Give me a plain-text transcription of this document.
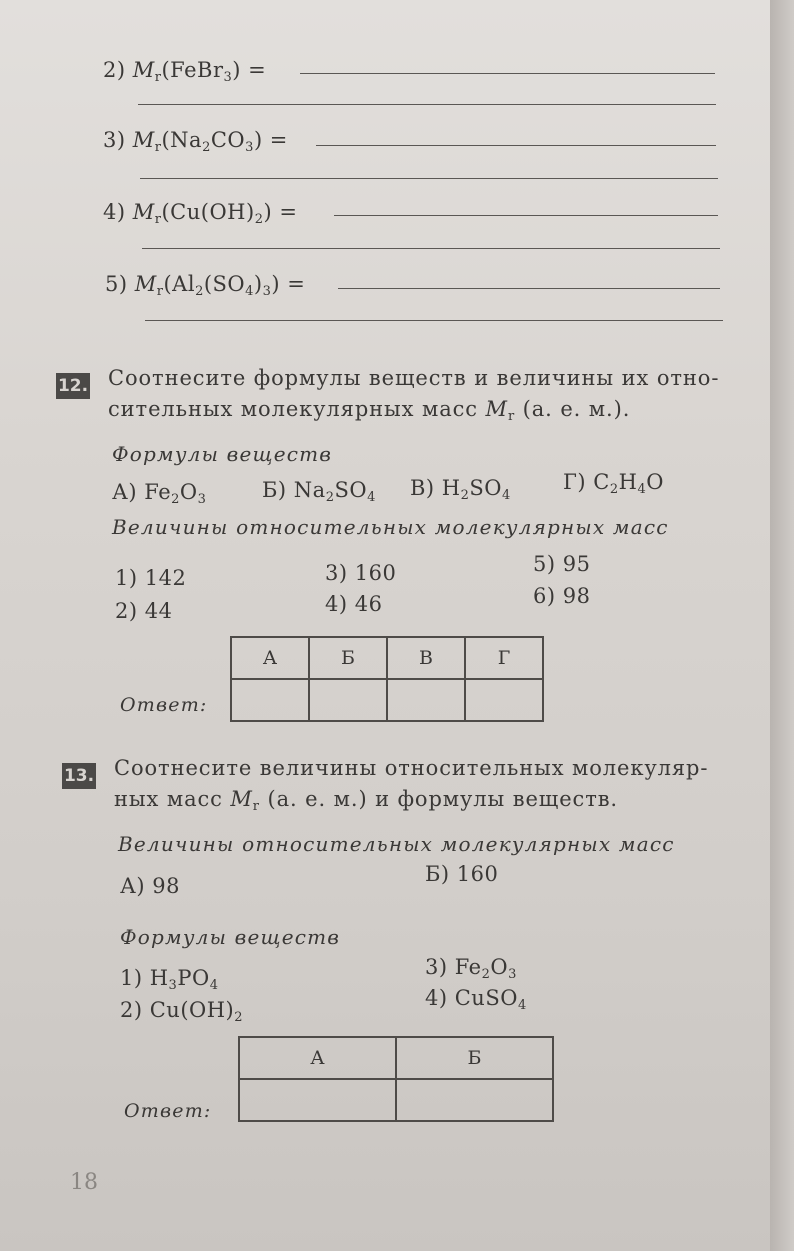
2) $M_r(FeBr_3)$ =
3) $M_r(Na_2CO_3)$ =
4) $M_r(Cu(OH)_2)$ =
5) $M_r(Al_2(SO_4)_3)$ =
12. Соотнесите формулы веществ и величины их отно-
сительных молекулярных масс $M_r$ (а. е. м.).
Формулы веществ
А) $Fe_2O_3$	Б) $Na_2SO_4$ В) $H_2SO_4$
Г) $C_2H_4O$
Величины относительных молекулярных масс
1) 142
2) 44
3) 160
4) 46
5) 95
6) 98
Ответ:
А	Б	В	Г

13. Соотнесите величины относительных молекуляр-
ных масс $M_r$ (а. е. м.) и формулы веществ.
Величины относительных молекулярных масс
А) 98	Б) 160
Формулы веществ
1) $H_3PO_4$
2) $Cu(OH)_2$
3) $Fe_2O_3$
4) CuSO$_4$
Ответ:
А	Б

18
